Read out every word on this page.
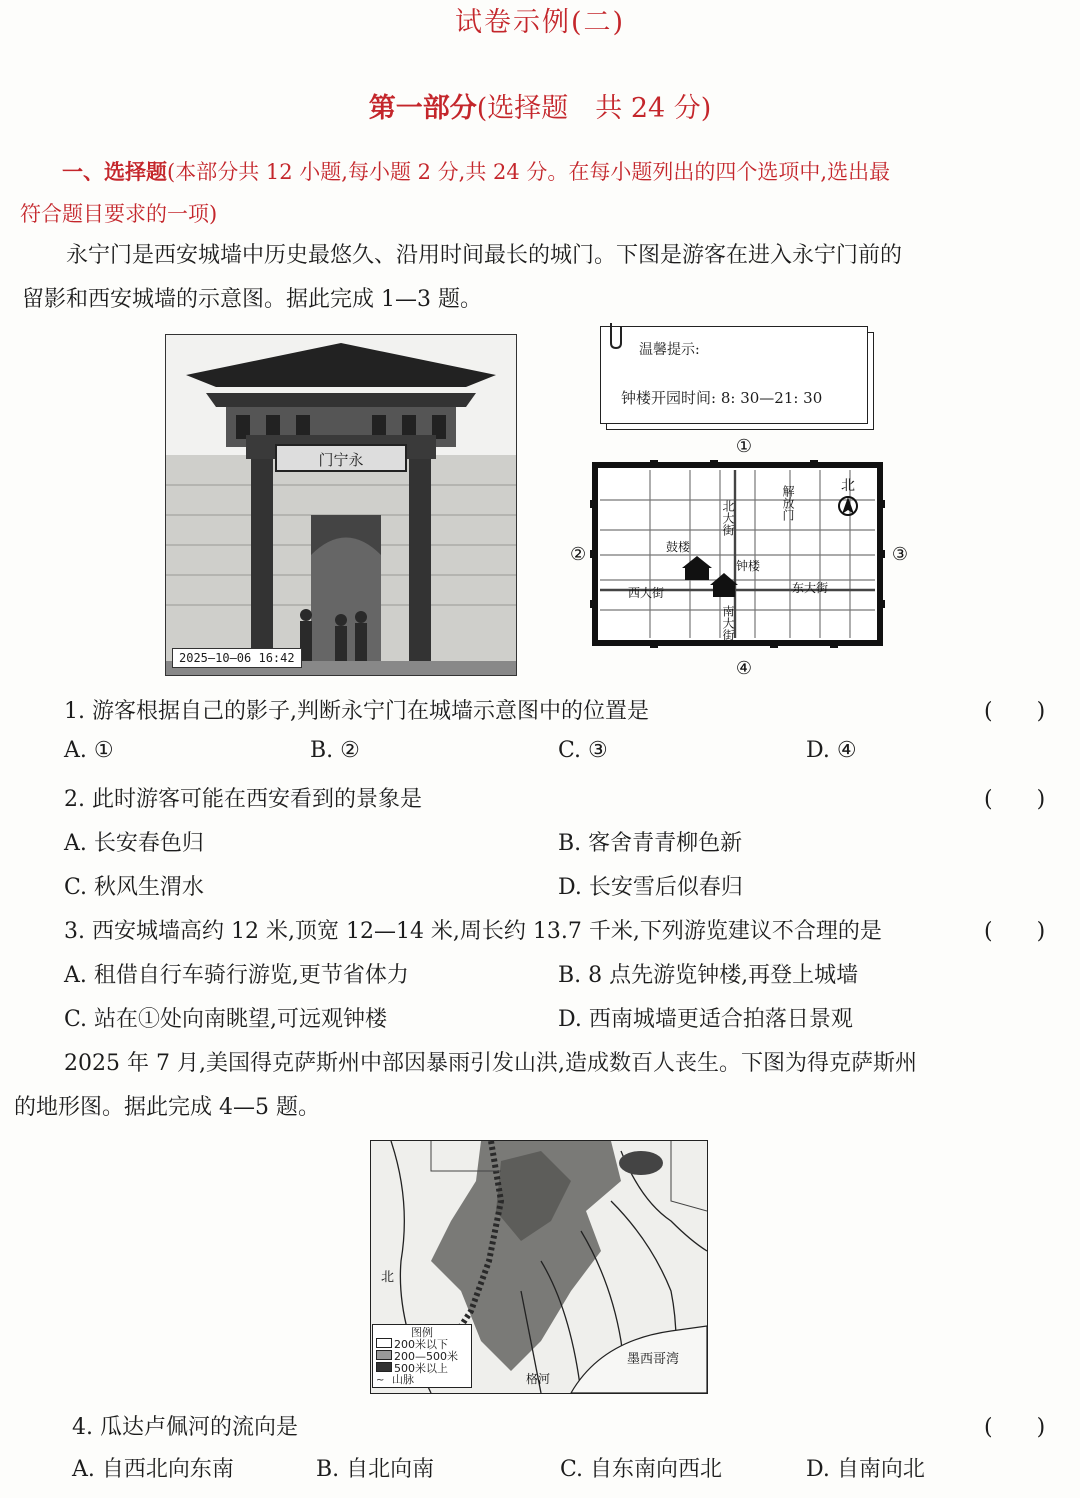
试卷示例(二)
第一部分(选择题　共 24 分)
一、选择题(本部分共 12 小题,每小题 2 分,共 24 分。在每小题列出的四个选项中,选出最
符合题目要求的一项)
永宁门是西安城墙中历史最悠久、沿用时间最长的城门。下图是游客在进入永宁门前的
留影和西安城墙的示意图。据此完成 1—3 题。
门宁永
2025—10—06 16:42
温馨提示:
钟楼开园时间: 8: 30—21: 30
北
北大街	解放门
鼓楼
钟楼
西大街	东大街
南大街
①
②	③
④
1. 游客根据自己的影子,判断永宁门在城墙示意图中的位置是	(　　)
A. ①	B. ②	C. ③	D. ④
2. 此时游客可能在西安看到的景象是	(　　)
A. 长安春色归	B. 客舍青青柳色新
C. 秋风生渭水	D. 长安雪后似春归
3. 西安城墙高约 12 米,顶宽 12—14 米,周长约 13.7 千米,下列游览建议不合理的是	(　　)
A. 租借自行车骑行游览,更节省体力	B. 8 点先游览钟楼,再登上城墙
C. 站在①处向南眺望,可远观钟楼	D. 西南城墙更适合拍落日景观
2025 年 7 月,美国得克萨斯州中部因暴雨引发山洪,造成数百人丧生。下图为得克萨斯州
的地形图。据此完成 4—5 题。
墨西哥湾
北
格河
图例
200米以下
200—500米
500米以上
~ 山脉
4. 瓜达卢佩河的流向是	(　　)
A. 自西北向东南	B. 自北向南	C. 自东南向西北	D. 自南向北
